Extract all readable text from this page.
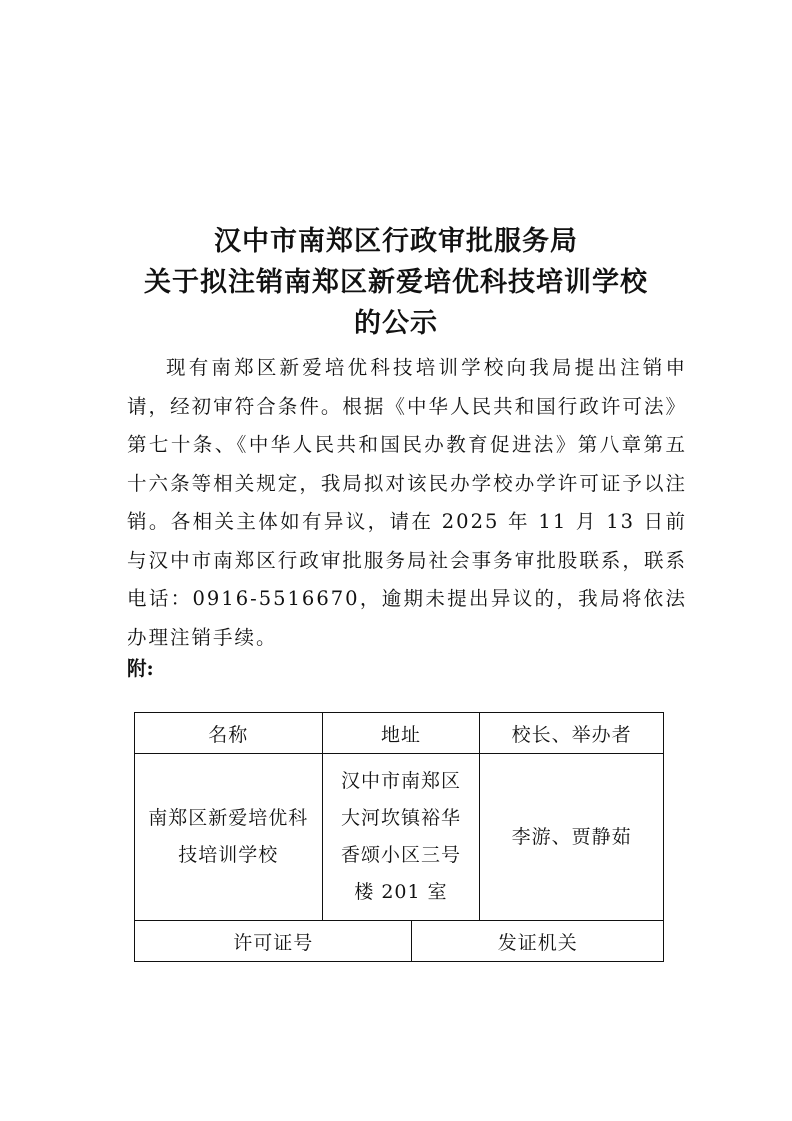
汉中市南郑区行政审批服务局
关于拟注销南郑区新爱培优科技培训学校
的公示
现有南郑区新爱培优科技培训学校向我局提出注销申请，经初审符合条件。根据《中华人民共和国行政许可法》第七十条、《中华人民共和国民办教育促进法》第八章第五十六条等相关规定，我局拟对该民办学校办学许可证予以注销。各相关主体如有异议，请在 2025 年 11 月 13 日前与汉中市南郑区行政审批服务局社会事务审批股联系，联系电话：0916-5516670，逾期未提出异议的，我局将依法办理注销手续。
附:
名称	地址	校长、举办者

南郑区新爱培优科
技培训学校	汉中市南郑区
大河坎镇裕华
香颂小区三号
楼 201 室	李游、贾静茹
许可证号	发证机关
